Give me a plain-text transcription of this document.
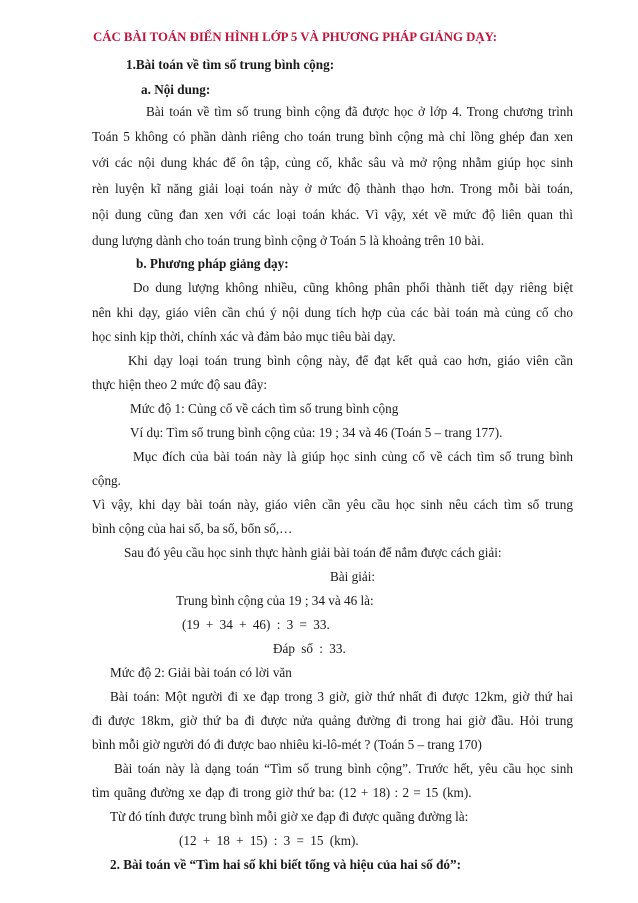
CÁC BÀI TOÁN ĐIỂN HÌNH LỚP 5 VÀ PHƯƠNG PHÁP GIẢNG DẠY:
1.Bài toán về tìm số trung bình cộng:
a. Nội dung:
Bài toán về tìm số trung bình cộng đã được học ở lớp 4. Trong chương trình
Toán 5 không có phần dành riêng cho toán trung bình cộng mà chỉ lồng ghép đan xen
với các nội dung khác để ôn tập, củng cố, khắc sâu và mở rộng nhằm giúp học sinh
rèn luyện kĩ năng giải loại toán này ở mức độ thành thạo hơn. Trong mỗi bài toán,
nội dung cũng đan xen với các loại toán khác. Vì vậy, xét về mức độ liên quan thì
dung lượng dành cho toán trung bình cộng ở Toán 5 là khoảng trên 10 bài.
b. Phương pháp giảng dạy:
Do dung lượng không nhiều, cũng không phân phối thành tiết dạy riêng biệt
nên khi dạy, giáo viên cần chú ý nội dung tích hợp của các bài toán mà củng cố cho
học sinh kịp thời, chính xác và đảm bảo mục tiêu bài dạy.
Khi dạy loại toán trung bình cộng này, để đạt kết quả cao hơn, giáo viên cần
thực hiện theo 2 mức độ sau đây:
Mức độ 1: Củng cố về cách tìm số trung bình cộng
Ví dụ: Tìm số trung bình cộng của: 19 ; 34 và 46 (Toán 5 – trang 177).
Mục đích của bài toán này là giúp học sinh củng cố về cách tìm số trung bình
cộng.
Vì vậy, khi dạy bài toán này, giáo viên cần yêu cầu học sinh nêu cách tìm số trung
bình cộng của hai số, ba số, bốn số,…
Sau đó yêu cầu học sinh thực hành giải bài toán để nắm được cách giải:
Bài giải:
Trung bình cộng của 19 ; 34 và 46 là:
(19 + 34 + 46) : 3 = 33.
Đáp số : 33.
Mức độ 2: Giải bài toán có lời văn
Bài toán: Một người đi xe đạp trong 3 giờ, giờ thứ nhất đi được 12km, giờ thứ hai
đi được 18km, giờ thứ ba đi được nửa quảng đường đi trong hai giờ đầu. Hỏi trung
bình mỗi giờ người đó đi được bao nhiêu ki-lô-mét ? (Toán 5 – trang 170)
Bài toán này là dạng toán “Tìm số trung bình cộng”. Trước hết, yêu cầu học sinh
tìm quãng đường xe đạp đi trong giờ thứ ba: (12 + 18) : 2 = 15 (km).
Từ đó tính được trung bình mỗi giờ xe đạp đi được quãng đường là:
(12 + 18 + 15) : 3 = 15 (km).
2. Bài toán về “Tìm hai số khi biết tổng và hiệu của hai số đó”:
